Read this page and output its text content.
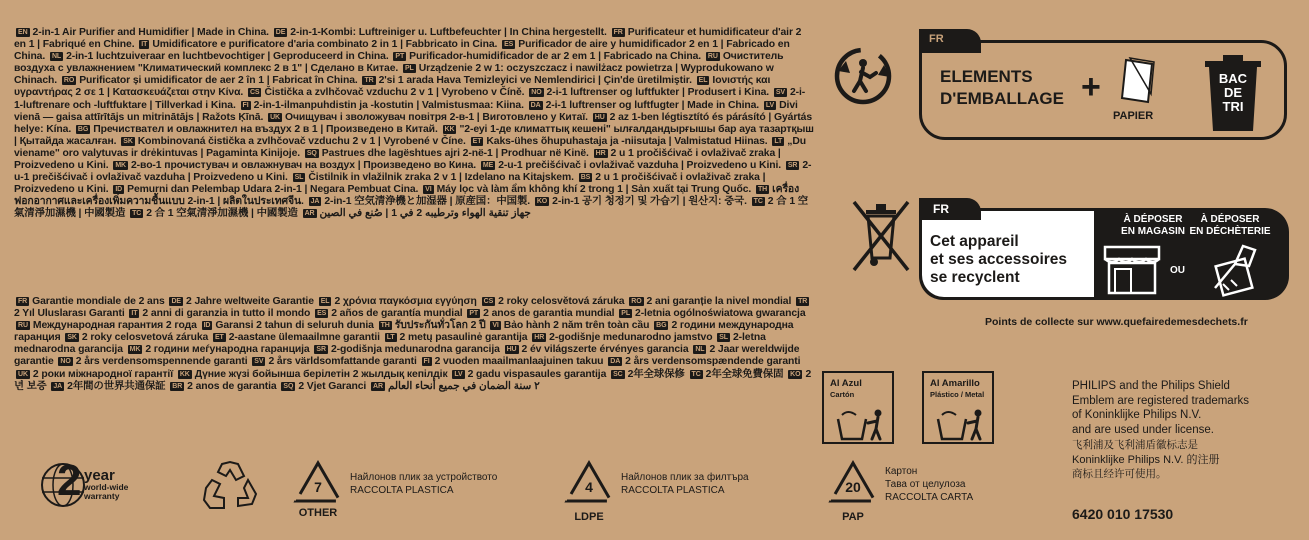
EN 2-in-1 Air Purifier and Humidifier | Made in China. DE 2-in-1-Kombi: Luftreiniger u. Luftbefeuchter | In China hergestellt. FR Purificateur et humidificateur d'air 2 en 1 | Fabriqué en Chine. IT Umidificatore e purificatore d'aria combinato 2 in 1 | Fabbricato in Cina. ES Purificador de aire y humidificador 2 en 1 | Fabricado en China. NL 2-in-1 luchtzuiveraar en luchtbevochtiger | Geproduceerd in China. PT Purificador-humidificador de ar 2 em 1 | Fabricado na China. RU Очиститель воздуха с увлажнением "Климатический комплекс 2 в 1" | Сделано в Китае. PL Urządzenie 2 w 1: oczyszczacz i nawilżacz powietrza | Wyprodukowano w Chinach. RO Purificator și umidificator de aer 2 în 1 | Fabricat în China. TR 2'si 1 arada Hava Temizleyici ve Nemlendirici | Çin'de üretilmiştir. EL Ιονιστής και υγραντήρας 2 σε 1 | Κατασκευάζεται στην Κίνα. CS Čistička a zvlhčovač vzduchu 2 v 1 | Vyrobeno v Číně. NO 2-i-1 luftrenser og luftfukter | Produsert i Kina. SV 2-i-1-luftrenare och -luftfuktare | Tillverkad i Kina. FI 2-in-1-ilmanpuhdistin ja -kostutin | Valmistusmaa: Kiina. DA 2-i-1 luftrenser og luftfugter | Made in China. LV Divi vienā — gaisa attīrītājs un mitrinātājs | Ražots Ķīnā. UK Очищувач і зволожувач повітря 2-в-1 | Виготовлено у Китаї. HU 2 az 1-ben légtisztító és párásító | Gyártás helye: Kína. BG Пречиствател и овлажнител на въздух 2 в 1 | Произведено в Китай. KK "2-еуі 1-де климаттық кешені" ылғалдандырғышы бар ауа тазартқыш | Қытайда жасалған. SK Kombinovaná čistička a zvlhčovač vzduchu 2 v 1 | Vyrobené v Číne. ET Kaks-ühes õhupuhastaja ja -niisutaja | Valmistatud Hiinas. LT „Du viename" oro valytuvas ir drėkintuvas | Pagaminta Kinijoje. SQ Pastrues dhe lagështues ajri 2-në-1 | Prodhuar në Kinë. HR 2 u 1 pročišćivač i ovlaživač zraka | Proizvedeno u Kini. MK 2-во-1 прочистувач и овлажнувач на воздух | Произведено во Кина. ME 2-u-1 prečišćivač i ovlaživač vazduha | Proizvedeno u Kini. SR 2-u-1 prečišćivač i ovlaživač vazduha | Proizvedeno u Kini. SL Čistilnik in vlažilnik zraka 2 v 1 | Izdelano na Kitajskem. BS 2 u 1 pročišćivač i ovlaživač zraka | Proizvedeno u Kini. ID Pemurni dan Pelembap Udara 2-in-1 | Negara Pembuat Cina. VI Máy lọc và làm ẩm không khí 2 trong 1 | Sản xuất tại Trung Quốc. TH เครื่องฟอกอากาศและเครื่องเพิ่มความชื้นแบบ 2-in-1 | ผลิตในประเทศจีน. JA 2-in-1 空気清浄機と加湿器 | 原産国：中国製. KO 2-in-1 공기 청정기 및 가습기 | 원산지: 중국. TC 2 合 1 空氣清淨加濕機 | 中國製造 TC 2 合 1 空氣清淨加濕機 | 中國製造 AR جهاز تنقية الهواء وترطيبه 2 في 1 | صُنع في الصين
FR Garantie mondiale de 2 ans DE 2 Jahre weltweite Garantie EL 2 χρόνια παγκόσμια εγγύηση CS 2 roky celosvětová záruka RO 2 ani garanție la nivel mondial TR2 Yıl Uluslarası Garanti IT 2 anni di garanzia in tutto il mondo ES 2 años de garantía mundial PT 2 anos de garantia mundial PL 2-letnia ogólnoświatowa gwarancja RU Международная гарантия 2 года ID Garansi 2 tahun di seluruh dunia TH รับประกันทั่วโลก 2 ปี VI Bảo hành 2 năm trên toàn cầu BG 2 години международна гаранция SK 2 roky celosvetová záruka ET 2-aastane ülemaailmne garantii LT 2 metų pasaulinė garantija HR 2-godišnje medunarodno jamstvo SL 2-letna mednarodna garancija MK 2 години меѓународна гаранција SR 2-godišnja medunarodna garancija HU 2 év világszerte érvényes garancia NL 2 Jaar wereldwijde garantie NO 2 års verdensomspennende garanti SV 2 års världsomfattande garanti FI 2 vuoden maailmanlaajuinen takuu DA 2 års verdensomspændende garanti UK 2 роки міжнародної гарантії KK Дүние жүзі бойынша берілетін 2 жылдық кепілдік LV 2 gadu vispasaules garantija SC 2年全球保修 TC 2年全球免費保固 KO 2년 보증 JA 2年間の世界共通保証 BR 2 anos de garantia SQ 2 Vjet Garanci AR ٢ سنة الضمان في جميع أنحاء العالم
FR
ELEMENTS
D'EMBALLAGE +
PAPIER
BAC
DE
TRI
FR
Cet appareil
et ses accessoires
se recyclent
À DÉPOSER
EN MAGASIN
OU
À DÉPOSER
EN DÉCHÈTERIE
Points de collecte sur www.quefairedemesdechets.fr
Al Azul
Cartón
Al Amarillo
Plástico / Metal
PHILIPS and the Philips Shield
Emblem are registered trademarks
of Koninklijke Philips N.V.
and are used under license.
飞利浦及飞利浦盾徽标志是
Koninklijke Philips N.V. 的注册
商标且经许可使用。
6420 010 17530
2 year
world-wide
warranty
7
OTHER
Найлонов плик за устройството
RACCOLTA PLASTICA	4
LDPE
Найлонов плик за филтъра
RACCOLTA PLASTICA	20
PAP
Картон
Тава от целулоза
RACCOLTA CARTA
